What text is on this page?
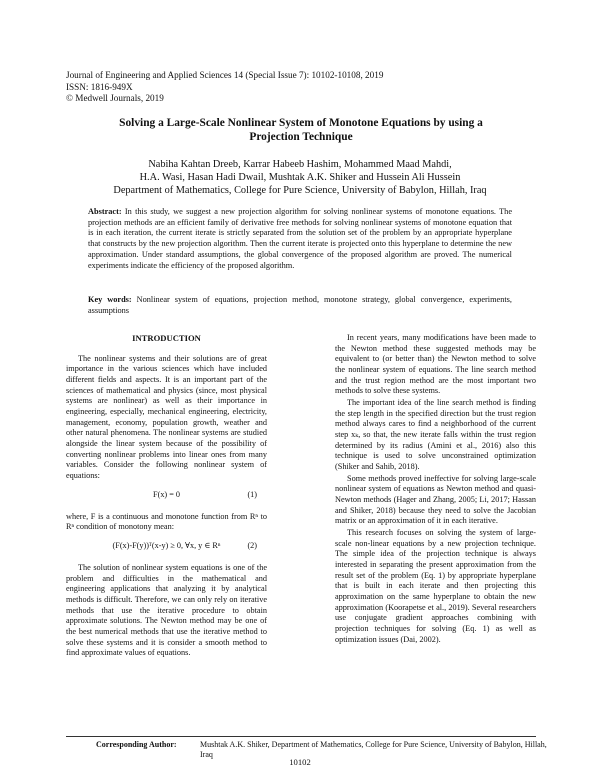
Journal of Engineering and Applied Sciences 14 (Special Issue 7): 10102-10108, 2019
ISSN: 1816-949X
© Medwell Journals, 2019
Solving a Large-Scale Nonlinear System of Monotone Equations by using a Projection Technique
Nabiha Kahtan Dreeb, Karrar Habeeb Hashim, Mohammed Maad Mahdi,
H.A. Wasi, Hasan Hadi Dwail, Mushtak A.K. Shiker and Hussein Ali Hussein
Department of Mathematics, College for Pure Science, University of Babylon, Hillah, Iraq
Abstract: In this study, we suggest a new projection algorithm for solving nonlinear systems of monotone equations. The projection methods are an efficient family of derivative free methods for solving nonlinear systems of monotone equation that is in each iteration, the current iterate is strictly separated from the solution set of the problem by an appropriate hyperplane that constructs by the new projection algorithm. Then the current iterate is projected onto this hyperplane to determine the new approximation. Under standard assumptions, the global convergence of the proposed algorithm are proved. The numerical experiments indicate the efficiency of the proposed algorithm.
Key words: Nonlinear system of equations, projection method, monotone strategy, global convergence, experiments, assumptions
INTRODUCTION

The nonlinear systems and their solutions are of great importance in the various sciences which have included different fields and aspects. It is an important part of the sciences of mathematical and physics (since, most physical systems are nonlinear) as well as their importance in engineering, especially, mechanical engineering, electricity, management, economy, population growth, weather and other natural phenomena. The nonlinear systems are studied alongside the linear system because of the possibility of converting nonlinear problems into linear ones from many variables. Consider the following nonlinear system of equations:

F(x) = 0	(1)

where, F is a continuous and monotone function from Rⁿ to Rⁿ condition of monotony mean:

(F(x)-F(y))ᵀ(x-y) ≥ 0, ∀x, y ∈ Rⁿ	(2)

The solution of nonlinear system equations is one of the problem and difficulties in the mathematical and engineering applications that analyzing it by analytical methods is difficult. Therefore, we can only rely on iterative methods that use the iterative procedure to obtain approximate solutions. The Newton method may be one of the best numerical methods that use the iterative method to solve these systems and it is consider a smooth method to find approximate values of equations.

In recent years, many modifications have been made to the Newton method these suggested methods may be equivalent to (or better than) the Newton method to solve the nonlinear system of equations. The line search method and the trust region method are the most important two methods to solve these systems.

The important idea of the line search method is finding the step length in the specified direction but the trust region method always cares to find a neighborhood of the current step xₖ, so that, the new iterate falls within the trust region determined by its radius (Amini et al., 2016) also this technique is used to solve unconstrained optimization (Shiker and Sahib, 2018).

Some methods proved ineffective for solving large-scale nonlinear system of equations as Newton method and quasi-Newton methods (Hager and Zhang, 2005; Li, 2017; Hassan and Shiker, 2018) because they need to solve the Jacobian matrix or an approximation of it in each iterative.

This research focuses on solving the system of large-scale non-linear equations by a new projection technique. The simple idea of the projection technique is always interested in separating the present approximation from the result set of the problem (Eq. 1) by appropriate hyperplane that is built in each iterate and then projecting this approximation on the same hyperplane to obtain the new approximation (Koorapetse et al., 2019). Several researchers use conjugate gradient approaches combining with projection techniques for solving (Eq. 1) as well as optimization issues (Dai, 2002).

Corresponding Author:	Mushtak A.K. Shiker, Department of Mathematics, College for Pure Science, University of Babylon, Hillah, Iraq
10102
